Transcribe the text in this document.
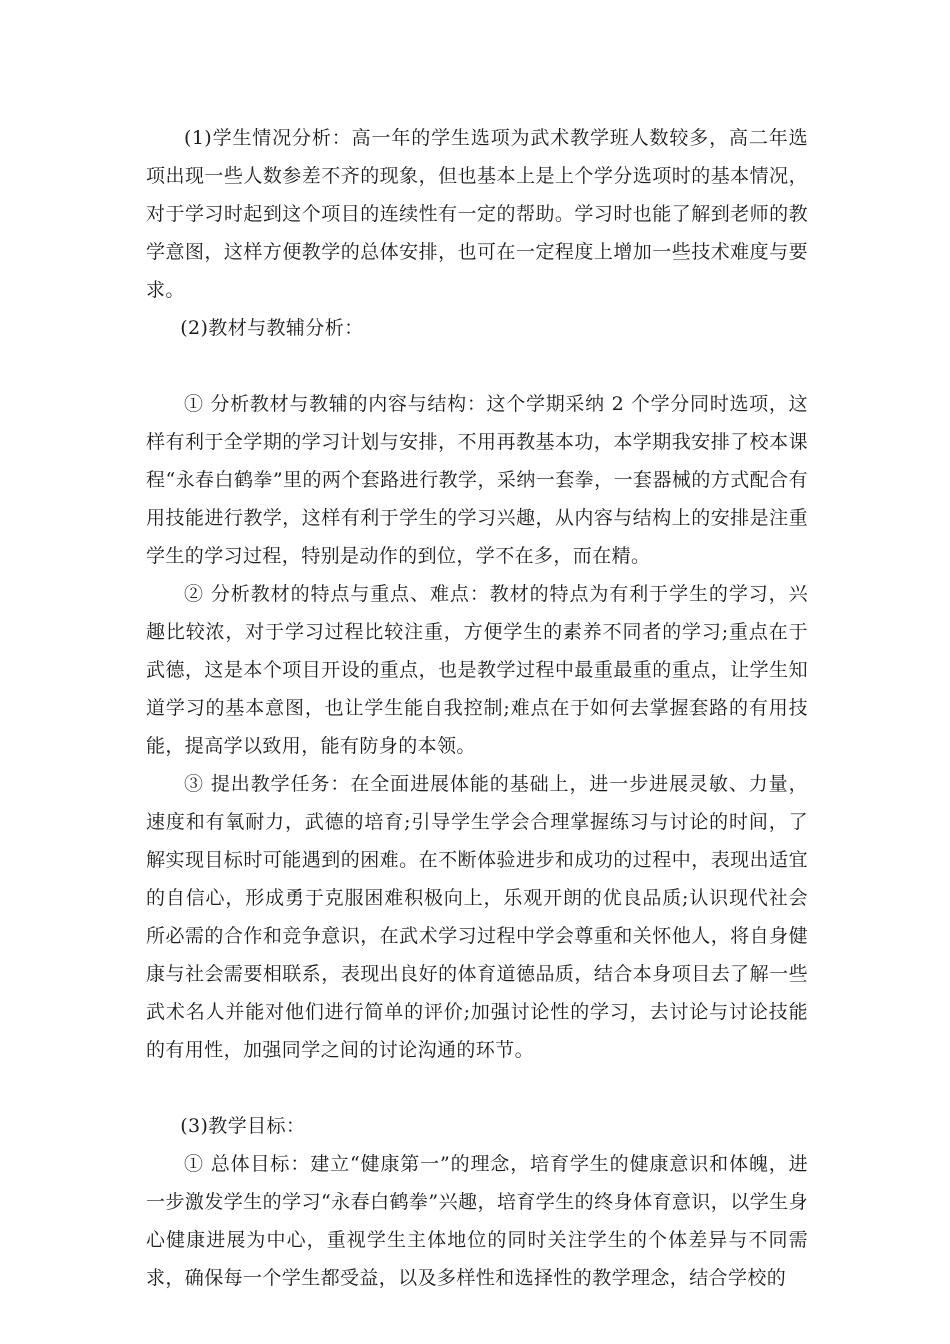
(1)学生情况分析：高一年的学生选项为武术教学班人数较多，高二年选项出现一些人数参差不齐的现象，但也基本上是上个学分选项时的基本情况，对于学习时起到这个项目的连续性有一定的帮助。学习时也能了解到老师的教学意图，这样方便教学的总体安排，也可在一定程度上增加一些技术难度与要求。

(2)教材与教辅分析：

① 分析教材与教辅的内容与结构：这个学期采纳 2 个学分同时选项，这样有利于全学期的学习计划与安排，不用再教基本功，本学期我安排了校本课程“永春白鹤拳”里的两个套路进行教学，采纳一套拳，一套器械的方式配合有用技能进行教学，这样有利于学生的学习兴趣，从内容与结构上的安排是注重学生的学习过程，特别是动作的到位，学不在多，而在精。

② 分析教材的特点与重点、难点：教材的特点为有利于学生的学习，兴趣比较浓，对于学习过程比较注重，方便学生的素养不同者的学习;重点在于武德，这是本个项目开设的重点，也是教学过程中最重最重的重点，让学生知道学习的基本意图，也让学生能自我控制;难点在于如何去掌握套路的有用技能，提高学以致用，能有防身的本领。

③ 提出教学任务：在全面进展体能的基础上，进一步进展灵敏、力量，速度和有氧耐力，武德的培育;引导学生学会合理掌握练习与讨论的时间，了解实现目标时可能遇到的困难。在不断体验进步和成功的过程中，表现出适宜的自信心，形成勇于克服困难积极向上，乐观开朗的优良品质;认识现代社会所必需的合作和竞争意识，在武术学习过程中学会尊重和关怀他人，将自身健康与社会需要相联系，表现出良好的体育道德品质，结合本身项目去了解一些武术名人并能对他们进行简单的评价;加强讨论性的学习，去讨论与讨论技能的有用性，加强同学之间的讨论沟通的环节。

(3)教学目标：

① 总体目标：建立“健康第一”的理念，培育学生的健康意识和体魄，进一步激发学生的学习“永春白鹤拳”兴趣，培育学生的终身体育意识，以学生身心健康进展为中心，重视学生主体地位的同时关注学生的个体差异与不同需求，确保每一个学生都受益，以及多样性和选择性的教学理念，结合学校的
